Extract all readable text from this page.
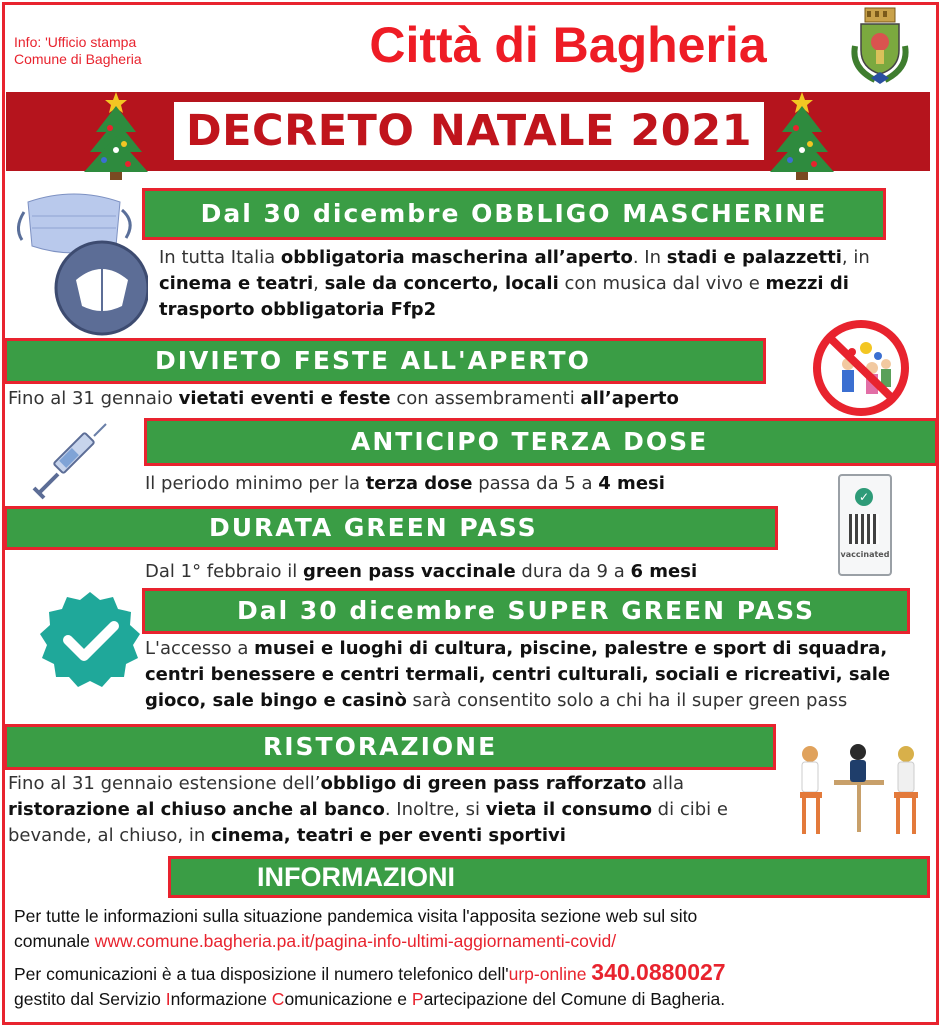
Info: 'Ufficio stampa
Comune di Bagheria	Città di Bagheria
DECRETO NATALE 2021
Dal 30 dicembre OBBLIGO MASCHERINE
In tutta Italia obbligatoria mascherina all’aperto. In stadi e palazzetti, in
cinema e teatri, sale da concerto, locali con musica dal vivo e mezzi di
trasporto obbligatoria Ffp2
DIVIETO FESTE ALL'APERTO
Fino al 31 gennaio vietati eventi e feste con assembramenti all’aperto
ANTICIPO TERZA DOSE
Il periodo minimo per la terza dose passa da 5 a 4 mesi
DURATA GREEN PASS
✓
vaccinated
Dal 1° febbraio il green pass vaccinale dura da 9 a 6 mesi
Dal 30 dicembre SUPER GREEN PASS
L'accesso a musei e luoghi di cultura, piscine, palestre e sport di squadra,
centri benessere e centri termali, centri culturali, sociali e ricreativi, sale
gioco, sale bingo e casinò sarà consentito solo a chi ha il super green pass
RISTORAZIONE
Fino al 31 gennaio estensione dell’obbligo di green pass rafforzato alla
ristorazione al chiuso anche al banco. Inoltre, si vieta il consumo di cibi e
bevande, al chiuso, in cinema, teatri e per eventi sportivi
INFORMAZIONI
Per tutte le informazioni sulla situazione pandemica visita l'apposita sezione web sul sito
comunale www.comune.bagheria.pa.it/pagina-info-ultimi-aggiornamenti-covid/
Per comunicazioni è a tua disposizione il numero telefonico dell'urp-online 340.0880027
gestito dal Servizio Informazione Comunicazione e Partecipazione del Comune di Bagheria.
